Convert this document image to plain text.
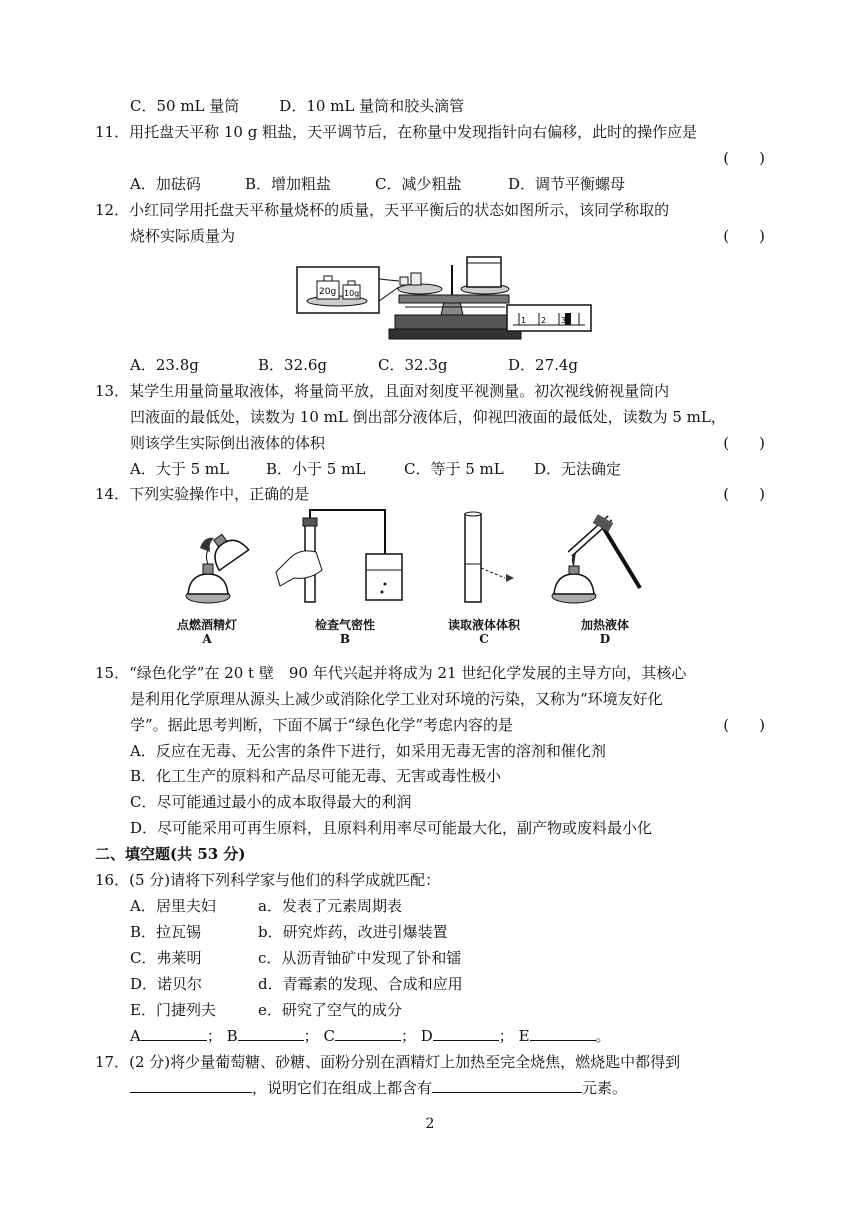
C．50 mL 量筒	D．10 mL 量筒和胶头滴管
11．用托盘天平称 10 g 粗盐，天平调节后，在称量中发现指针向右偏移，此时的操作应是
(　　)
A．加砝码	B．增加粗盐	C．减少粗盐	D．调节平衡螺母
12．小红同学用托盘天平称量烧杯的质量，天平平衡后的状态如图所示，该同学称取的
烧杯实际质量为	(　　)
20g 10g
1 2 3
A．23.8g	B．32.6g	C．32.3g	D．27.4g
13．某学生用量筒量取液体，将量筒平放，且面对刻度平视测量。初次视线俯视量筒内
凹液面的最低处，读数为 10 mL 倒出部分液体后，仰视凹液面的最低处，读数为 5 mL，
则该学生实际倒出液体的体积	(　　)
A．大于 5 mL B．小于 5 mL	C．等于 5 mL D．无法确定
14．下列实验操作中，正确的是	(　　)
点燃酒精灯	检查气密性	读取液体体积	加热液体
A	B	C	D
15．“绿色化学”在 20 t 壁　90 年代兴起并将成为 21 世纪化学发展的主导方向，其核心
是利用化学原理从源头上减少或消除化学工业对环境的污染，又称为“环境友好化
学”。据此思考判断，下面不属于“绿色化学”考虑内容的是	(　　)
A．反应在无毒、无公害的条件下进行，如采用无毒无害的溶剂和催化剂
B．化工生产的原料和产品尽可能无毒、无害或毒性极小
C．尽可能通过最小的成本取得最大的利润
D．尽可能采用可再生原料，且原料利用率尽可能最大化，副产物或废料最小化
二、填空题(共 53 分)
16．(5 分)请将下列科学家与他们的科学成就匹配：
A．居里夫妇	a．发表了元素周期表
B．拉瓦锡	b．研究炸药，改进引爆装置
C．弗莱明	c．从沥青铀矿中发现了钋和镭
D．诺贝尔	d．青霉素的发现、合成和应用
E．门捷列夫	e．研究了空气的成分
A	； B	； C	； D	； E	。
17．(2 分)将少量葡萄糖、砂糖、面粉分别在酒精灯上加热至完全烧焦，燃烧匙中都得到
，说明它们在组成上都含有	元素。
2
